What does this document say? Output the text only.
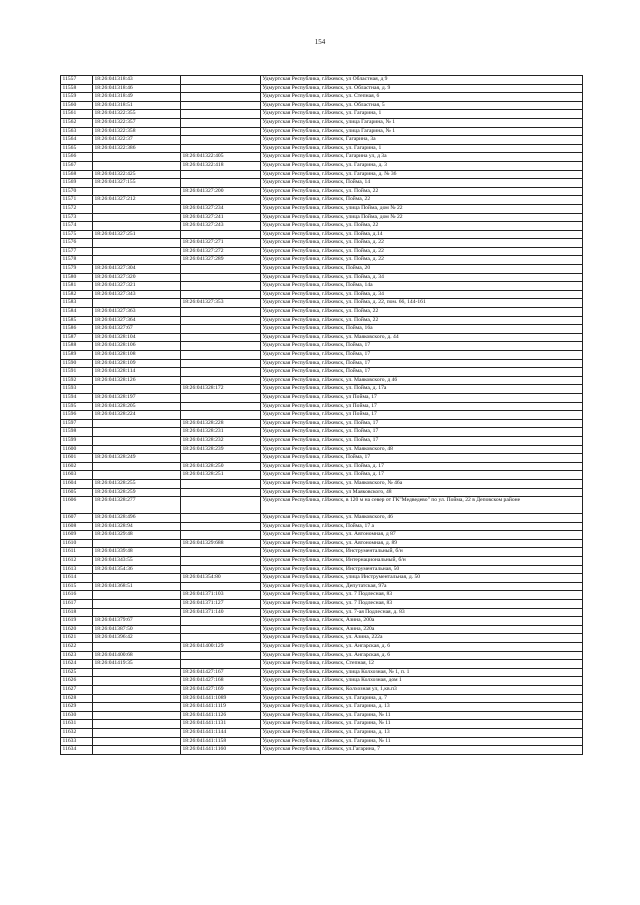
154
11557	18:26:041318:43		Удмуртская Республика, г.Ижевск, ул Областная, д 9
11558	18:26:041318:46		Удмуртская Республика, г.Ижевск, ул. Областная, д. 9
11559	18:26:041318:49		Удмуртская Республика, г.Ижевск, ул. Степная, 6
11560	18:26:041318:51		Удмуртская Республика, г.Ижевск, ул. Областная, 5
11561	18:26:041322:355		Удмуртская Республика, г.Ижевск, ул. Гагарина, 1
11562	18:26:041322:357		Удмуртская Республика, г.Ижевск, улица Гагарина, № 1
11563	18:26:041322:358		Удмуртская Республика, г.Ижевск, улица Гагарина, № 1
11564	18:26:041322:37		Удмуртская Республика, г.Ижевск, Гагарина, 3а
11565	18:26:041322:386		Удмуртская Республика, г.Ижевск, ул. Гагарина, 1
11566		18:26:041322:405	Удмуртская Республика, г.Ижевск, Гагарина ул, д 3а
11567		18:26:041322:418	Удмуртская Республика, г.Ижевск, ул. Гагарина, д. 3
11568	18:26:041322:425		Удмуртская Республика, г.Ижевск, ул. Гагарина, д. № 36
11569	18:26:041327:155		Удмуртская Республика, г.Ижевск, Пойма, 14
11570		18:26:041327:200	Удмуртская Республика, г.Ижевск, ул. Пойма, 22
11571	18:26:041327:212		Удмуртская Республика, г.Ижевск, Пойма, 22
11572		18:26:041327:234	Удмуртская Республика, г.Ижевск, улица Пойма, дом № 22
11573		18:26:041327:241	Удмуртская Республика, г.Ижевск, улица Пойма, дом № 22
11574		18:26:041327:243	Удмуртская Республика, г.Ижевск, ул. Пойма, 22
11575	18:26:041327:251		Удмуртская Республика, г.Ижевск, ул. Пойма, д.14
11576		18:26:041327:271	Удмуртская Республика, г.Ижевск, ул. Пойма, д. 22
11577		18:26:041327:272	Удмуртская Республика, г.Ижевск, ул. Пойма, д. 22
11578		18:26:041327:289	Удмуртская Республика, г.Ижевск, ул. Пойма, д. 22
11579	18:26:041327:304		Удмуртская Республика, г.Ижевск, Пойма, 20
11580	18:26:041327:320		Удмуртская Республика, г.Ижевск, ул. Пойма, д. 34
11581	18:26:041327:321		Удмуртская Республика, г.Ижевск, Пойма, 14а
11582	18:26:041327:343		Удмуртская Республика, г.Ижевск, ул. Пойма, д. 34
11583		18:26:041327:353	Удмуртская Республика, г.Ижевск, ул. Пойма, д. 22, пом. 66, 144-161
11584	18:26:041327:363		Удмуртская Республика, г.Ижевск, ул. Пойма, 22
11585	18:26:041327:364		Удмуртская Республика, г.Ижевск, ул. Пойма, 22
11586	18:26:041327:67		Удмуртская Республика, г.Ижевск, Пойма, 16а
11587	18:26:041328:104		Удмуртская Республика, г.Ижевск, ул. Маяковского, д. 44
11588	18:26:041328:106		Удмуртская Республика, г.Ижевск, Пойма, 17
11589	18:26:041328:108		Удмуртская Республика, г.Ижевск, Пойма, 17
11590	18:26:041328:109		Удмуртская Республика, г.Ижевск, Пойма, 17
11591	18:26:041328:114		Удмуртская Республика, г.Ижевск, Пойма, 17
11592	18:26:041328:126		Удмуртская Республика, г.Ижевск, ул. Маяковского, д 46
11593		18:26:041328:172	Удмуртская Республика, г.Ижевск, ул. Пойма, д. 17а
11594	18:26:041328:197		Удмуртская Республика, г.Ижевск, ул Пойма, 17
11595	18:26:041328:205		Удмуртская Республика, г.Ижевск, ул Пойма, 17
11596	18:26:041328:224		Удмуртская Республика, г.Ижевск, ул Пойма, 17
11597		18:26:041328:228	Удмуртская Республика, г.Ижевск, ул. Пойма, 17
11598		18:26:041328:231	Удмуртская Республика, г.Ижевск, ул. Пойма, 17
11599		18:26:041328:232	Удмуртская Республика, г.Ижевск, ул. Пойма, 17
11600		18:26:041328:239	Удмуртская Республика, г.Ижевск, ул. Маяковского, 48
11601	18:26:041328:249		Удмуртская Республика, г.Ижевск, Пойма, 17
11602		18:26:041328:250	Удмуртская Республика, г.Ижевск, ул. Пойма, д. 17
11603		18:26:041328:251	Удмуртская Республика, г.Ижевск, ул. Пойма, д. 17
11604	18:26:041328:255		Удмуртская Республика, г.Ижевск, ул. Маяковского, № 46а
11605	18:26:041328:259		Удмуртская Республика, г.Ижевск, ул Маяковского, 48
11606	18:26:041328:277		Удмуртская Республика, г.Ижевск, в 120 м на север от ГК"Медведево" по ул. Пойма, 22 в Деповском районе
11607	18:26:041328:496		Удмуртская Республика, г.Ижевск, ул. Маяковского, 46
11608	18:26:041328:94		Удмуртская Республика, г.Ижевск, Пойма, 17 а
11609	18:26:041329:48		Удмуртская Республика, г.Ижевск, ул. Автономная, д 87
11610		18:26:041329:688	Удмуртская Республика, г.Ижевск, ул. Автономная, д. 89
11611	18:26:041339:48		Удмуртская Республика, г.Ижевск, Инструментальный, б/н
11612	18:26:041343:55		Удмуртская Республика, г.Ижевск, Интернациональный, б/н
11613	18:26:041354:36		Удмуртская Республика, г.Ижевск, Инструментальная, 50
11614		18:26:041354:80	Удмуртская Республика, г.Ижевск, улица Инструментальная, д. 50
11615	18:26:041368:51		Удмуртская Республика, г.Ижевск, Депутатская, 97а
11616		18:26:041371:103	Удмуртская Республика, г.Ижевск, ул. 7 Подлесная, 83
11617		18:26:041371:127	Удмуртская Республика, г.Ижевск, ул. 7 Подлесная, 83
11618		18:26:041371:140	Удмуртская Республика, г.Ижевск, ул. 7-ая Подлесная, д. 83
11619	18:26:041379:67		Удмуртская Республика, г.Ижевск, Азина, 200а
11620	18:26:041387:50		Удмуртская Республика, г.Ижевск, Азина, 220а
11621	18:26:041396:42		Удмуртская Республика, г.Ижевск, ул. Азина, 222а
11622		18:26:041400:129	Удмуртская Республика, г.Ижевск, ул. Ангарская, д. 6
11623	18:26:041400:68		Удмуртская Республика, г.Ижевск, ул. Ангарская, д. 6
11624	18:26:041419:35		Удмуртская Республика, г.Ижевск, Степная, 12
11625		18:26:041427:167	Удмуртская Республика, г.Ижевск, улица Колхозная, № 1, п. 1
11626		18:26:041427:168	Удмуртская Республика, г.Ижевск, улица Колхозная, дом 1
11627		18:26:041427:169	Удмуртская Республика, г.Ижевск, Колхозная ул, 1,кв.п3
11628		18:26:041441:1089	Удмуртская Республика, г.Ижевск, ул. Гагарина, д. 7
11629		18:26:041441:1119	Удмуртская Республика, г.Ижевск, ул. Гагарина, д. 13
11630		18:26:041441:1126	Удмуртская Республика, г.Ижевск, ул. Гагарина, № 11
11631		18:26:041441:1131	Удмуртская Республика, г.Ижевск, ул. Гагарина, № 11
11632		18:26:041441:1144	Удмуртская Республика, г.Ижевск, ул. Гагарина, д. 13
11633		18:26:041441:1158	Удмуртская Республика, г.Ижевск, ул. Гагарина, № 11
11634		18:26:041441:1160	Удмуртская Республика, г.Ижевск, ул.Гагарина, 7
